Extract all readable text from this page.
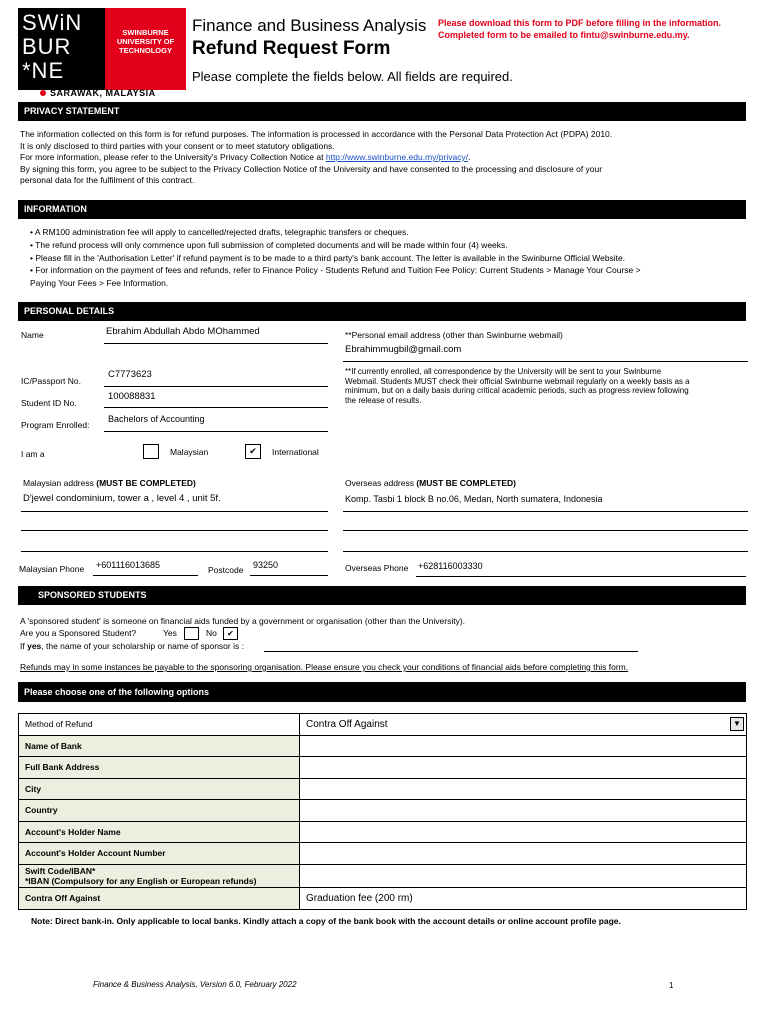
SWiN
BUR
*NE
SWINBURNE
UNIVERSITY OF
TECHNOLOGY
SARAWAK, MALAYSIA
Finance and Business Analysis
Refund Request Form
Please complete the fields below. All fields are required.
Please download this form to PDF before filling in the information.
Completed form to be emailed to fintu@swinburne.edu.my.
PRIVACY STATEMENT
The information collected on this form is for refund purposes. The information is processed in accordance with the Personal Data Protection Act (PDPA) 2010.
It is only disclosed to third parties with your consent or to meet statutory obligations.
For more information, please refer to the University's Privacy Collection Notice at http://www.swinburne.edu.my/privacy/.
By signing this form, you agree to be subject to the Privacy Collection Notice of the University and have consented to the processing and disclosure of your
personal data for the fulfilment of this contract.
INFORMATION
• A RM100 administration fee will apply to cancelled/rejected drafts, telegraphic transfers or cheques.
• The refund process will only commence upon full submission of completed documents and will be made within four (4) weeks.
• Please fill in the 'Authorisation Letter' if refund payment is to be made to a third party's bank account. The letter is available in the Swinburne Official Website.
• For information on the payment of fees and refunds, refer to Finance Policy - Students Refund and Tuition Fee Policy: Current Students > Manage Your Course >
Paying Your Fees > Fee Information.
PERSONAL DETAILS
Name	Ebrahim Abdullah Abdo MOhammed	**Personal email address (other than Swinburne webmail)
Ebrahimmugbil@gmail.com
IC/Passport No.
C7773623
Student ID No.
100088831
Program Enrolled:
Bachelors of Accounting
**If currently enrolled, all correspondence by the University will be sent to your Swinburne
Webmail. Students MUST check their official Swinburne webmail regularly on a weekly basis as a
minimum, but on a daily basis during critical academic periods, such as progress review following
the release of results.
I am a	Malaysian	✔	International
Malaysian address (MUST BE COMPLETED)
D'jewel condominium, tower a , level 4 , unit 5f.
Overseas address (MUST BE COMPLETED)
Komp. Tasbi 1 block B no.06, Medan, North sumatera, Indonesia
Malaysian Phone +601116013685	Postcode 93250	Overseas Phone +628116003330
SPONSORED STUDENTS
A 'sponsored student' is someone on financial aids funded by a government or organisation (other than the University).
Are you a Sponsored Student?	Yes	No	✔
If yes, the name of your scholarship or name of sponsor is :
Refunds may in some instances be payable to the sponsoring organisation. Please ensure you check your conditions of financial aids before completing this form.
Please choose one of the following options
Method of Refund	Contra Off Against ▼

Name of Bank	
Full Bank Address	
City	
Country	
Account's Holder Name	
Account's Holder Account Number	

Swift Code/IBAN*
*IBAN (Compulsory for any English or European refunds)	

Contra Off Against	Graduation fee (200 rm)
Note: Direct bank-in. Only applicable to local banks. Kindly attach a copy of the bank book with the account details or online account profile page.
Finance & Business Analysis, Version 6.0, February 2022	1
